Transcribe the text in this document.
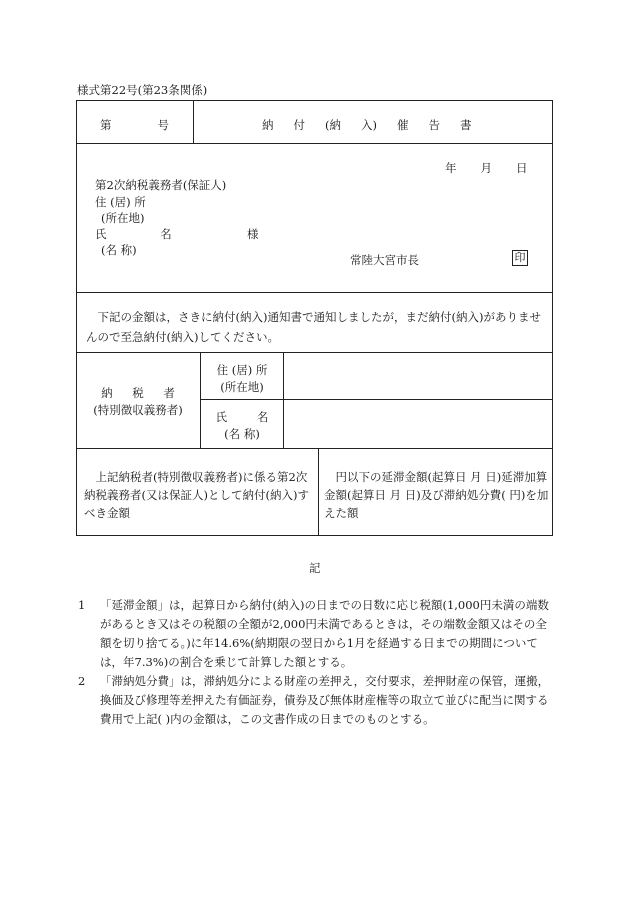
様式第22号(第23条関係)
第号	納 付 (納 入) 催 告 書
年 月 日
第2次納税義務者(保証人)
住 (居) 所
(所在地)
氏 名	様
(名 称)
常陸大宮市長	印
下記の金額は，さきに納付(納入)通知書で通知しましたが，まだ納付(納入)がありませんので至急納付(納入)してください。
納 税 者
(特別徴収義務者)
住 (居) 所
(所在地)
氏 名
(名 称)
上記納税者(特別徴収義務者)に係る第2次納税義務者(又は保証人)として納付(納入)すべき金額
円以下の延滞金額(起算日 月 日)延滞加算金額(起算日 月 日)及び滞納処分費( 円)を加えた額
記
1	「延滞金額」は，起算日から納付(納入)の日までの日数に応じ税額(1,000円未満の端数があるとき又はその税額の全額が2,000円未満であるときは，その端数金額又はその全額を切り捨てる。)に年14.6%(納期限の翌日から1月を経過する日までの期間については，年7.3%)の割合を乗じて計算した額とする。
2	「滞納処分費」は，滞納処分による財産の差押え，交付要求，差押財産の保管，運搬，換価及び修理等差押えた有価証券，債券及び無体財産権等の取立て並びに配当に関する費用で上記( )内の金額は，この文書作成の日までのものとする。
